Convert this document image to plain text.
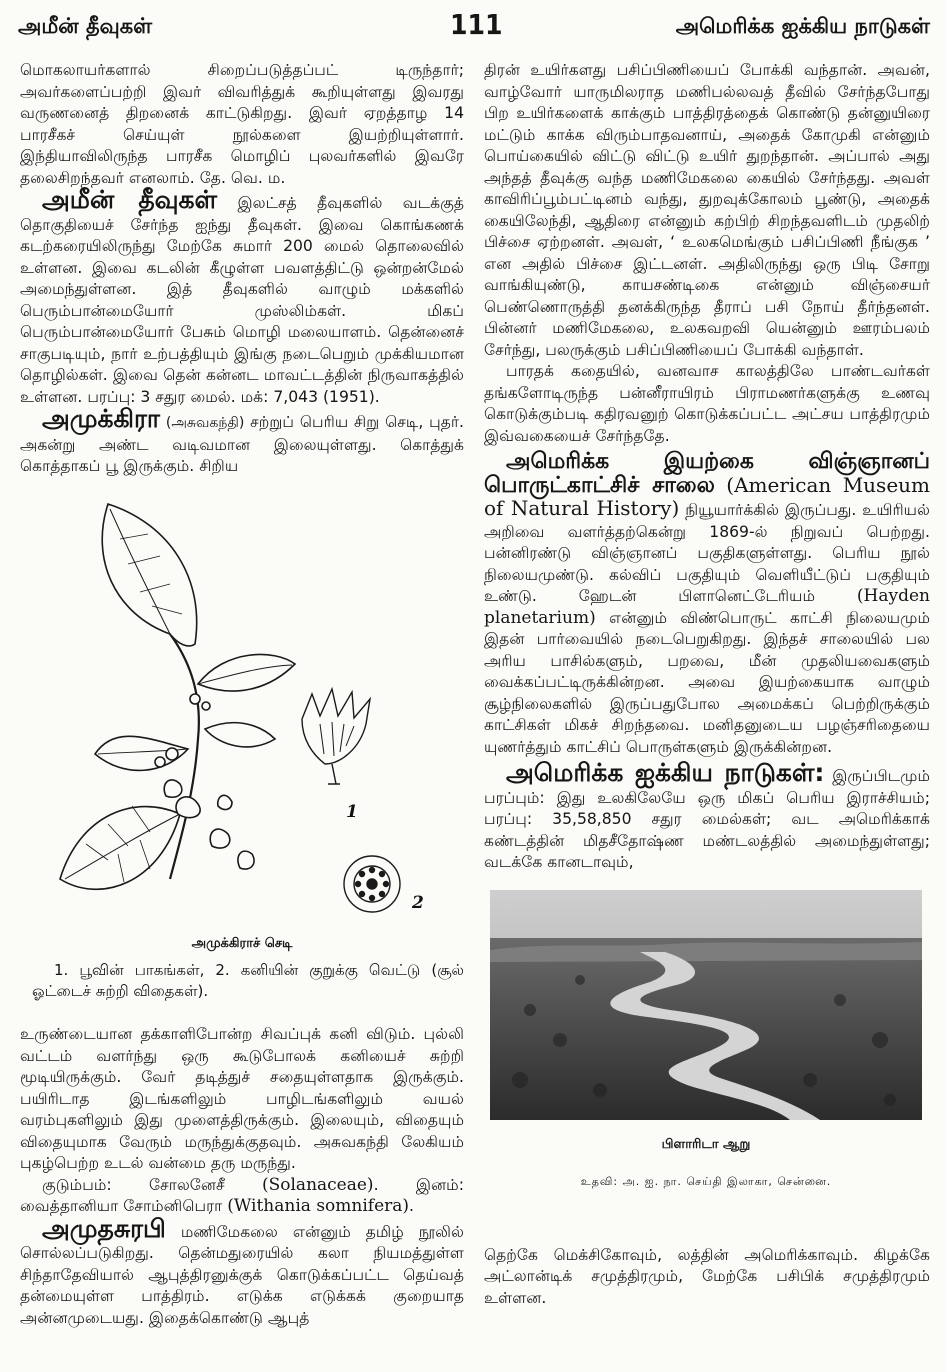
அமீன் தீவுகள்	111	அமெரிக்க ஐக்கிய நாடுகள்

மொகலாயர்களால் சிறைப்படுத்தப்பட் டிருந்தார்; அவர்களைப்பற்றி இவர் விவரித்துக் கூறியுள்ளது இவரது வருணனைத் திறனைக் காட்டுகிறது. இவர் ஏறத்தாழ 14 பாரசீகச் செய்யுள் நூல்களை இயற்றியுள்ளார். இந்தியாவிலிருந்த பாரசீக மொழிப் புலவர்களில் இவரே தலைசிறந்தவர் எனலாம். தே. வெ. ம.

அமீன் தீவுகள் இலட்சத் தீவுகளில் வடக்குத் தொகுதியைச் சேர்ந்த ஐந்து தீவுகள். இவை கொங்கணக் கடற்கரையிலிருந்து மேற்கே சுமார் 200 மைல் தொலைவில் உள்ளன. இவை கடலின் கீழுள்ள பவளத்திட்டு ஒன்றன்மேல் அமைந்துள்ளன. இத் தீவுகளில் வாழும் மக்களில் பெரும்பான்மையோர் முஸ்லிம்கள். மிகப் பெரும்பான்மையோர் பேசும் மொழி மலையாளம். தென்னைச் சாகுபடியும், நார் உற்பத்தியும் இங்கு நடைபெறும் முக்கியமான தொழில்கள். இவை தென் கன்னட மாவட்டத்தின் நிருவாகத்தில் உள்ளன. பரப்பு: 3 சதுர மைல். மக்: 7,043 (1951).

அமுக்கிரா (அசுவகந்தி) சற்றுப் பெரிய சிறு செடி, புதர். அகன்று அண்ட வடிவமான இலையுள்ளது. கொத்துக் கொத்தாகப் பூ இருக்கும். சிறிய

1
2
அமுக்கிராச் செடி

1. பூவின் பாகங்கள், 2. கனியின் குறுக்கு வெட்டு (சூல் ஓட்டைச் சுற்றி விதைகள்).

உருண்டையான தக்காளிபோன்ற சிவப்புக் கனி விடும். புல்லி வட்டம் வளர்ந்து ஒரு கூடுபோலக் கனியைச் சுற்றி மூடியிருக்கும். வேர் தடித்துச் சதையுள்ளதாக இருக்கும். பயிரிடாத இடங்களிலும் பாழிடங்களிலும் வயல் வரம்புகளிலும் இது முளைத்திருக்கும். இலையும், விதையும் விதையுமாக வேரும் மருந்துக்குதவும். அசுவகந்தி லேகியம் புகழ்பெற்ற உடல் வன்மை தரு மருந்து.

குடும்பம்: சோலனேசீ (Solanaceae). இனம்: வைத்தானியா சோம்னிபெரா (Withania somnifera).

அமுதசுரபி மணிமேகலை என்னும் தமிழ் நூலில் சொல்லப்படுகிறது. தென்மதுரையில் கலா நியமத்துள்ள சிந்தாதேவியால் ஆபுத்திரனுக்குக் கொடுக்கப்பட்ட தெய்வத் தன்மையுள்ள பாத்திரம். எடுக்க எடுக்கக் குறையாத அன்னமுடையது. இதைக்கொண்டு ஆபுத்

திரன் உயிர்களது பசிப்பிணியைப் போக்கி வந்தான். அவன், வாழ்வோர் யாருமிலராத மணிபல்லவத் தீவில் சேர்ந்தபோது பிற உயிர்களைக் காக்கும் பாத்திரத்தைக் கொண்டு தன்னுயிரை மட்டும் காக்க விரும்பாதவனாய், அதைக் கோமுகி என்னும் பொய்கையில் விட்டு விட்டு உயிர் துறந்தான். அப்பால் அது அந்தத் தீவுக்கு வந்த மணிமேகலை கையில் சேர்ந்தது. அவள் காவிரிப்பூம்பட்டினம் வந்து, துறவுக்கோலம் பூண்டு, அதைக் கையிலேந்தி, ஆதிரை என்னும் கற்பிற் சிறந்தவளிடம் முதலிற் பிச்சை ஏற்றனள். அவள், ‘ உலகமெங்கும் பசிப்பிணி நீங்குக ’ என அதில் பிச்சை இட்டனள். அதிலிருந்து ஒரு பிடி சோறு வாங்கியுண்டு, காயசண்டிகை என்னும் விஞ்சையர் பெண்ணொருத்தி தனக்கிருந்த தீராப் பசி நோய் தீர்ந்தனள். பின்னர் மணிமேகலை, உலகவறவி யென்னும் ஊரம்பலம் சேர்ந்து, பலருக்கும் பசிப்பிணியைப் போக்கி வந்தாள்.

பாரதக் கதையில், வனவாச காலத்திலே பாண்டவர்கள் தங்களோடிருந்த பன்னீராயிரம் பிராமணர்களுக்கு உணவு கொடுக்கும்படி கதிரவனுற் கொடுக்கப்பட்ட அட்சய பாத்திரமும் இவ்வகையைச் சேர்ந்ததே.

அமெரிக்க இயற்கை விஞ்ஞானப் பொருட்காட்சிச் சாலை (American Museum of Natural History) நியூயார்க்கில் இருப்பது. உயிரியல் அறிவை வளர்த்தற்கென்று 1869-ல் நிறுவப் பெற்றது. பன்னிரண்டு விஞ்ஞானப் பகுதிகளுள்ளது. பெரிய நூல் நிலையமுண்டு. கல்விப் பகுதியும் வெளியீட்டுப் பகுதியும் உண்டு. ஹேடன் பிளானெட்டேரியம் (Hayden planetarium) என்னும் விண்பொருட் காட்சி நிலையமும் இதன் பார்வையில் நடைபெறுகிறது. இந்தச் சாலையில் பல அரிய பாசில்களும், பறவை, மீன் முதலியவைகளும் வைக்கப்பட்டிருக்கின்றன. அவை இயற்கையாக வாழும் சூழ்நிலைகளில் இருப்பதுபோல அமைக்கப் பெற்றிருக்கும் காட்சிகள் மிகச் சிறந்தவை. மனிதனுடைய பழஞ்சரிதையை யுணர்த்தும் காட்சிப் பொருள்களும் இருக்கின்றன.

அமெரிக்க ஐக்கிய நாடுகள்: இருப்பிடமும் பரப்பும்: இது உலகிலேயே ஒரு மிகப் பெரிய இராச்சியம்; பரப்பு: 35,58,850 சதுர மைல்கள்; வட அமெரிக்காக் கண்டத்தின் மிதசீதோஷ்ண மண்டலத்தில் அமைந்துள்ளது; வடக்கே கானடாவும்,

பிளாரிடா ஆறு
உதவி: அ. ஐ. நா. செய்தி இலாகா, சென்னை.

தெற்கே மெக்சிகோவும், லத்தின் அமெரிக்காவும். கிழக்கே அட்லான்டிக் சமுத்திரமும், மேற்கே பசிபிக் சமுத்திரமும் உள்ளன.
